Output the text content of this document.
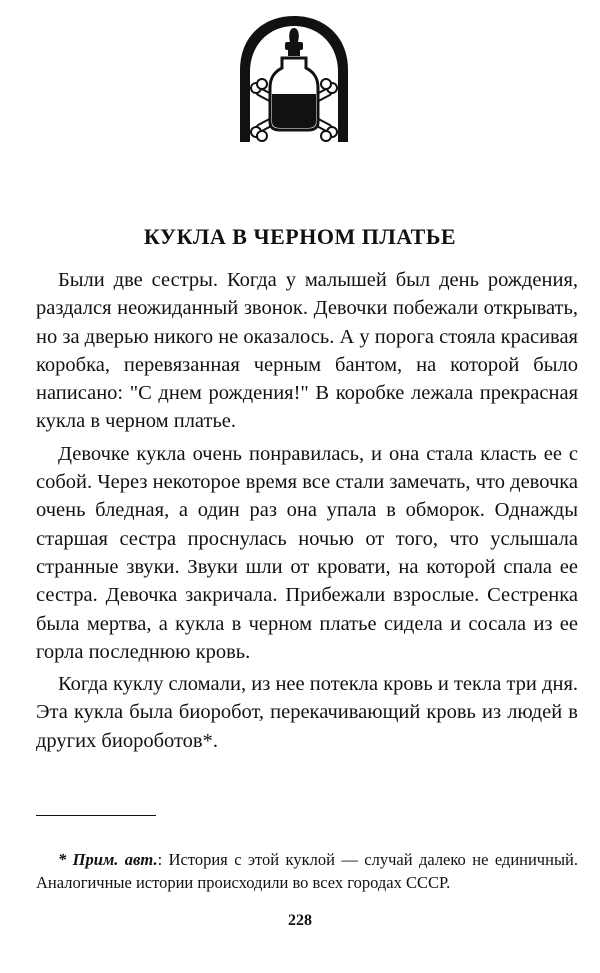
КУКЛА В ЧЕРНОМ ПЛАТЬЕ

Были две сестры. Когда у малышей был день рождения, раздался неожиданный звонок. Девочки побежали открывать, но за дверью никого не оказалось. А у порога стояла красивая коробка, перевязанная черным бантом, на которой было написано: "С днем рождения!" В коробке лежала прекрасная кукла в черном платье.

Девочке кукла очень понравилась, и она стала класть ее с собой. Через некоторое время все стали замечать, что девочка очень бледная, а один раз она упала в обморок. Однажды старшая сестра проснулась ночью от того, что услышала странные звуки. Звуки шли от кровати, на которой спала ее сестра. Девочка закричала. Прибежали взрослые. Сестренка была мертва, а кукла в черном платье сидела и сосала из ее горла последнюю кровь.

Когда куклу сломали, из нее потекла кровь и текла три дня. Эта кукла была биоробот, перекачивающий кровь из людей в других биороботов*.

* Прим. авт.: История с этой куклой — случай далеко не единичный. Аналогичные истории происходили во всех городах СССР.
228
